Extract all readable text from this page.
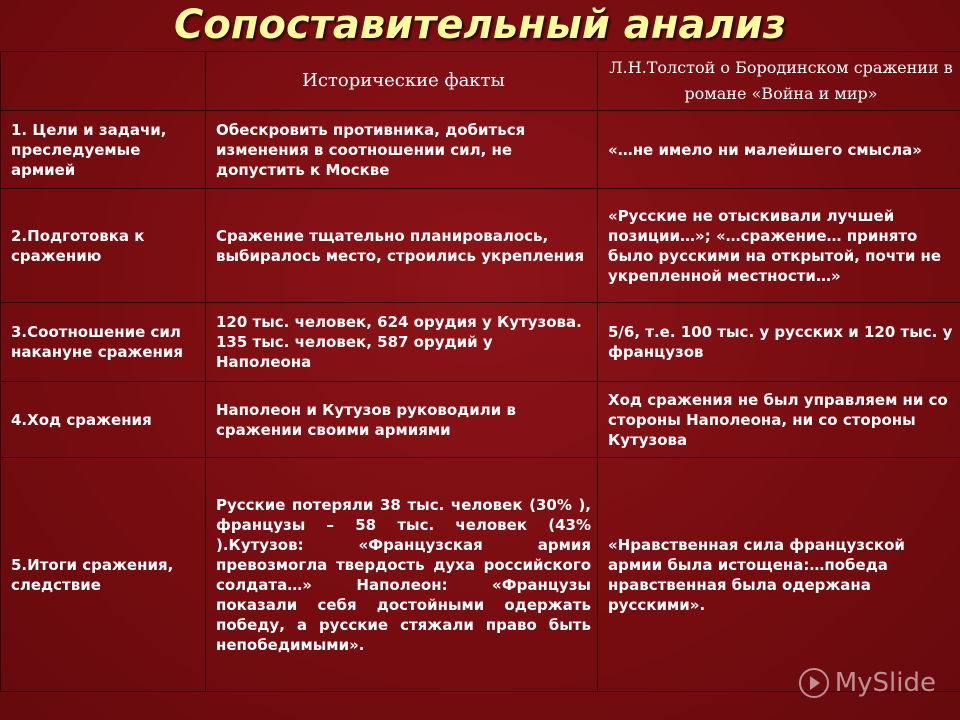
Сопоставительный анализ
	Исторические факты	Л.Н.Толстой о Бородинском сражении в романе «Война и мир»
1. Цели и задачи, преследуемые армией	Обескровить противника, добиться изменения в соотношении сил, не допустить к Москве	«…не имело ни малейшего смысла»
2.Подготовка к сражению	Сражение тщательно планировалось, выбиралось место, строились укрепления	«Русские не отыскивали лучшей позиции…»; «…сражение… принято было русскими на открытой, почти не укрепленной местности…»
3.Соотношение сил накануне сражения	120 тыс. человек, 624 орудия у Кутузова. 135 тыс. человек, 587 орудий у Наполеона	5/6, т.е. 100 тыс. у русских и 120 тыс. у французов
4.Ход сражения	Наполеон и Кутузов руководили в сражении своими армиями	Ход сражения не был управляем ни со стороны Наполеона, ни со стороны Кутузова
5.Итоги сражения, следствие	Русские потеряли 38 тыс. человек (30% ), французы – 58 тыс. человек (43% ).Кутузов: «Французская армия превозмогла твердость духа российского солдата…» Наполеон: «Французы показали себя достойными одержать победу, а русские стяжали право быть непобедимыми».	«Нравственная сила французской армии была истощена:…победа нравственная была одержана русскими».
MySlide
